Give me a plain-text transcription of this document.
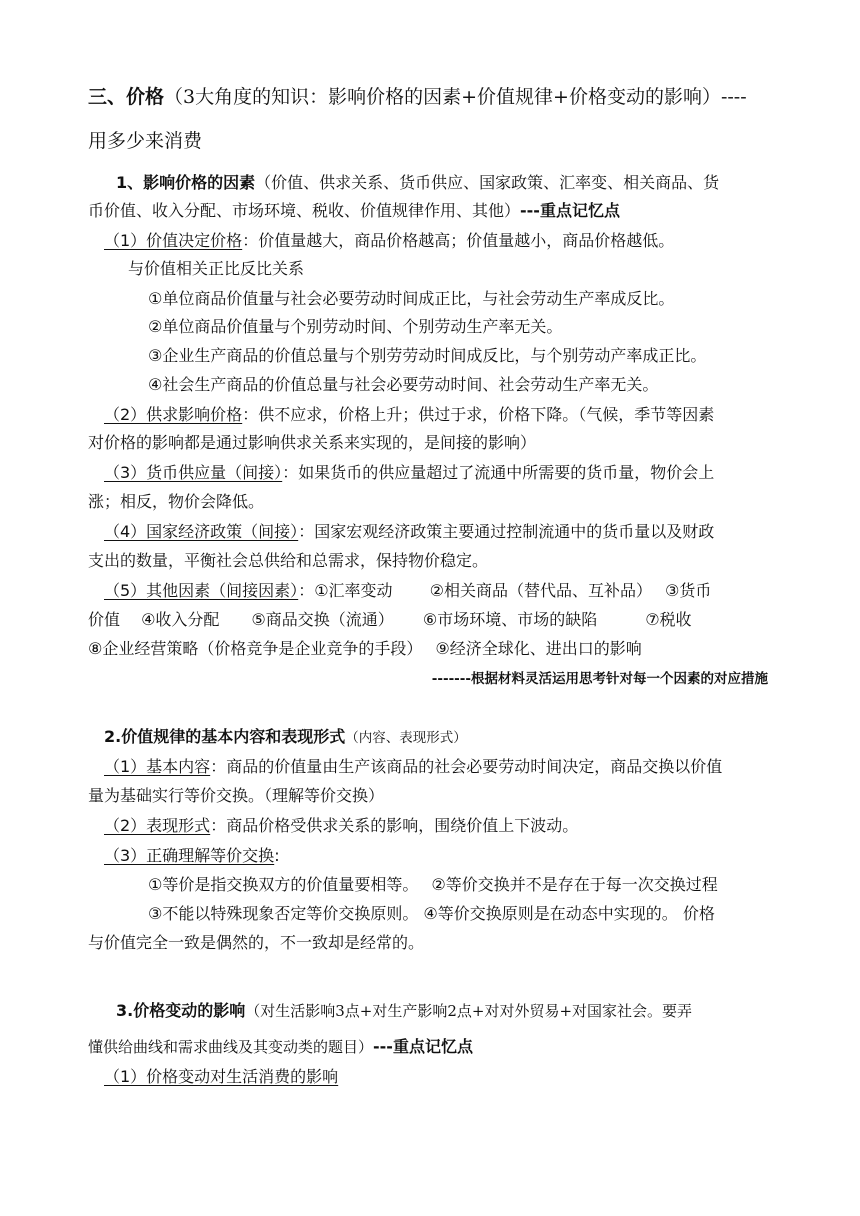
三、价格（3大角度的知识：影响价格的因素+价值规律+价格变动的影响）----
用多少来消费
1、影响价格的因素（价值、供求关系、货币供应、国家政策、汇率变、相关商品、货
币价值、收入分配、市场环境、税收、价值规律作用、其他）---重点记忆点
（1）价值决定价格：价值量越大，商品价格越高；价值量越小，商品价格越低。
与价值相关正比反比关系
①单位商品价值量与社会必要劳动时间成正比，与社会劳动生产率成反比。
②单位商品价值量与个别劳动时间、个别劳动生产率无关。
③企业生产商品的价值总量与个别劳劳动时间成反比，与个别劳动产率成正比。
④社会生产商品的价值总量与社会必要劳动时间、社会劳动生产率无关。
（2）供求影响价格：供不应求，价格上升；供过于求，价格下降。（气候，季节等因素
对价格的影响都是通过影响供求关系来实现的，是间接的影响）
（3）货币供应量（间接）：如果货币的供应量超过了流通中所需要的货币量，物价会上
涨；相反，物价会降低。
（4）国家经济政策（间接）：国家宏观经济政策主要通过控制流通中的货币量以及财政
支出的数量，平衡社会总供给和总需求，保持物价稳定。
（5）其他因素（间接因素）：①汇率变动　　 ②相关商品（替代品、互补品）　 ③货币
价值　 ④收入分配　　⑤商品交换（流通）　　 ⑥市场环境、市场的缺陷　　　⑦税收
⑧企业经营策略（价格竞争是企业竞争的手段）　 ⑨经济全球化、进出口的影响
-------根据材料灵活运用思考针对每一个因素的对应措施
2.价值规律的基本内容和表现形式（内容、表现形式）
（1）基本内容：商品的价值量由生产该商品的社会必要劳动时间决定，商品交换以价值
量为基础实行等价交换。（理解等价交换）
（2）表现形式：商品价格受供求关系的影响，围绕价值上下波动。
（3）正确理解等价交换:
①等价是指交换双方的价值量要相等。　 ②等价交换并不是存在于每一次交换过程
③不能以特殊现象否定等价交换原则。 ④等价交换原则是在动态中实现的。 价格
与价值完全一致是偶然的，不一致却是经常的。
3.价格变动的影响（对生活影响3点+对生产影响2点+对对外贸易+对国家社会。要弄
懂供给曲线和需求曲线及其变动类的题目）---重点记忆点
（1）价格变动对生活消费的影响
